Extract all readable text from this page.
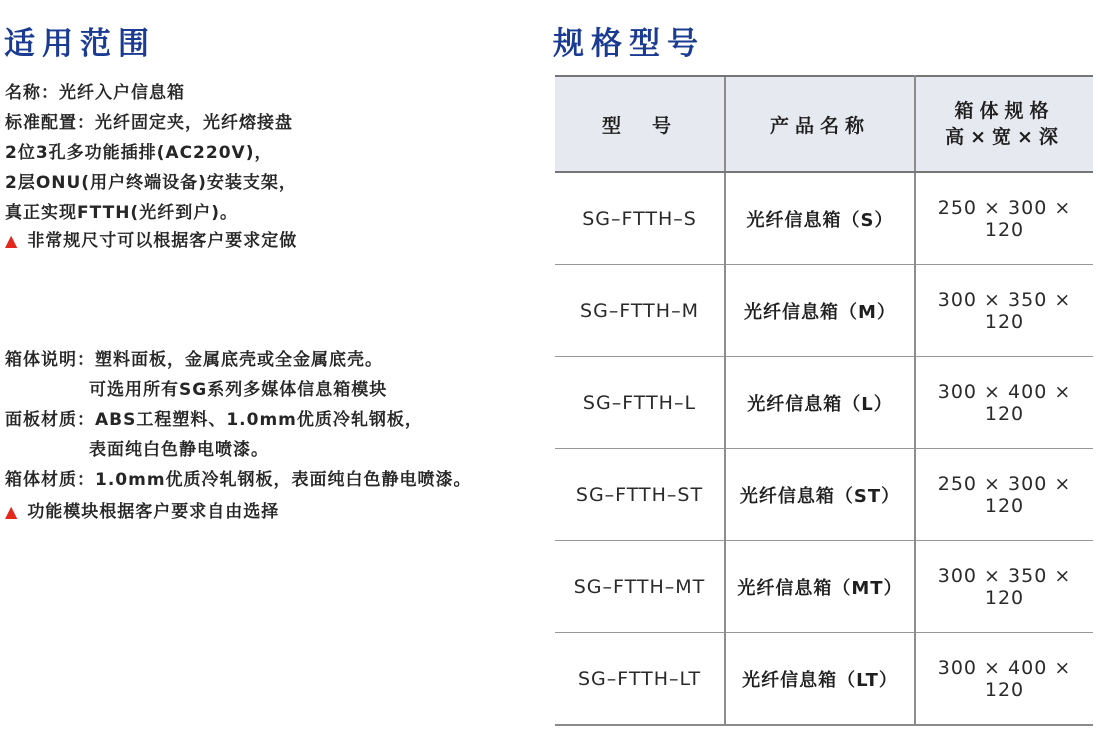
适用范围
名称：光纤入户信息箱
标准配置：光纤固定夹，光纤熔接盘
2位3孔多功能插排(AC220V)，
2层ONU(用户终端设备)安装支架，
真正实现FTTH(光纤到户)。
▲ 非常规尺寸可以根据客户要求定做
箱体说明：塑料面板，金属底壳或全金属底壳。
可选用所有SG系列多媒体信息箱模块
面板材质：ABS工程塑料、1.0mm优质冷轧钢板，
表面纯白色静电喷漆。
箱体材质：1.0mm优质冷轧钢板，表面纯白色静电喷漆。
▲ 功能模块根据客户要求自由选择
规格型号
型　号	产品名称	箱体规格
高×宽×深

SG–FTTH–S	光纤信息箱（S）	250 × 300 × 120
SG–FTTH–M	光纤信息箱（M）	300 × 350 × 120
SG–FTTH–L	光纤信息箱（L）	300 × 400 × 120
SG–FTTH–ST	光纤信息箱（ST）	250 × 300 × 120
SG–FTTH–MT	光纤信息箱（MT）	300 × 350 × 120
SG–FTTH–LT	光纤信息箱（LT）	300 × 400 × 120
